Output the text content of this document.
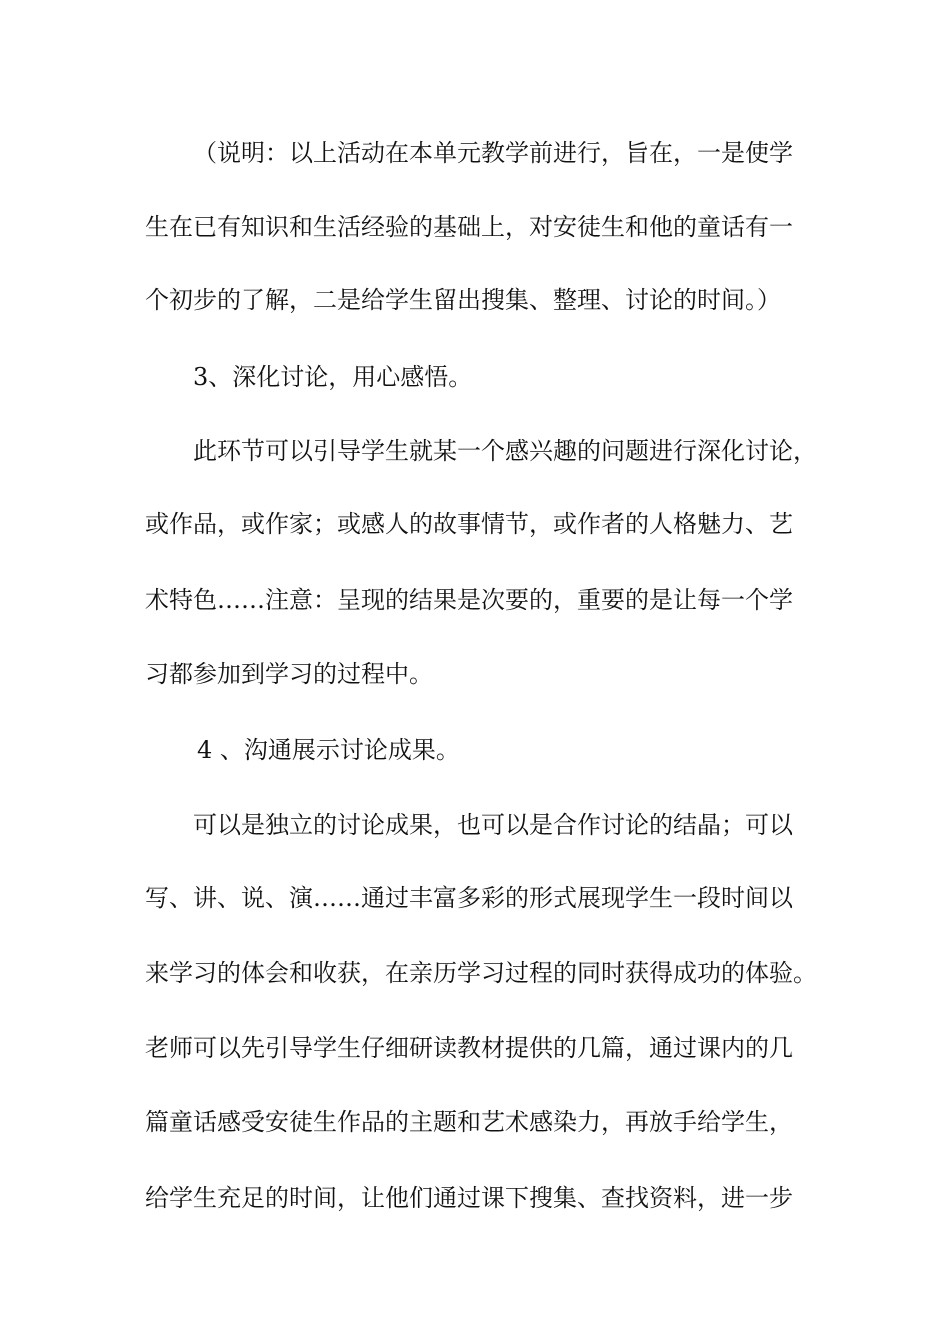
（说明：以上活动在本单元教学前进行，旨在，一是使学
生在已有知识和生活经验的基础上，对安徒生和他的童话有一
个初步的了解，二是给学生留出搜集、整理、讨论的时间。）
3、深化讨论，用心感悟。
此环节可以引导学生就某一个感兴趣的问题进行深化讨论，
或作品，或作家；或感人的故事情节，或作者的人格魅力、艺
术特色……注意：呈现的结果是次要的，重要的是让每一个学
习都参加到学习的过程中。
4 、沟通展示讨论成果。
可以是独立的讨论成果，也可以是合作讨论的结晶；可以
写、讲、说、演……通过丰富多彩的形式展现学生一段时间以
来学习的体会和收获，在亲历学习过程的同时获得成功的体验。
老师可以先引导学生仔细研读教材提供的几篇，通过课内的几
篇童话感受安徒生作品的主题和艺术感染力，再放手给学生，
给学生充足的时间，让他们通过课下搜集、查找资料，进一步
